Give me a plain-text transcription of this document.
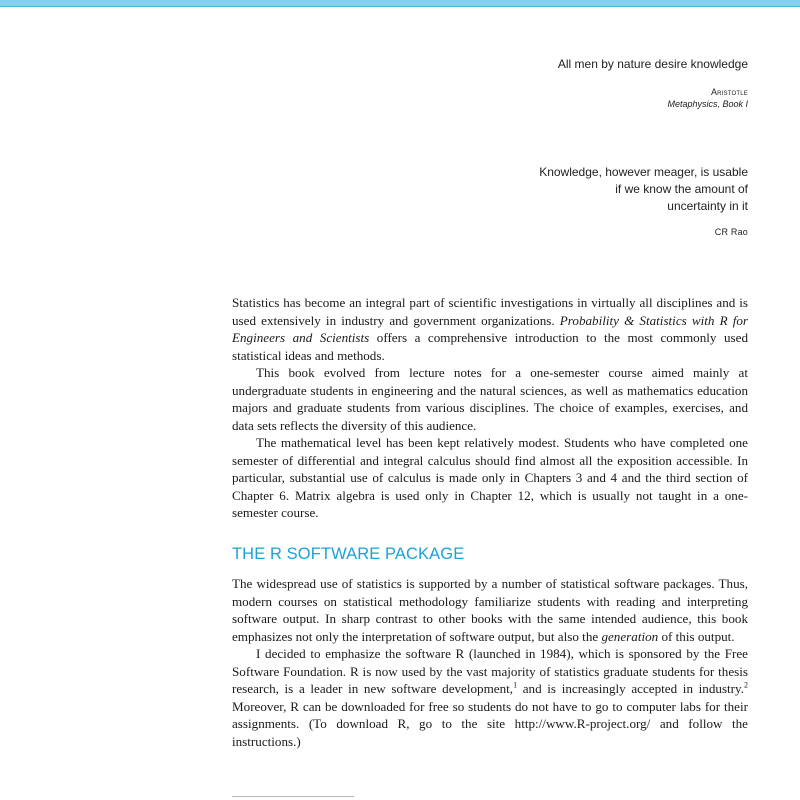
All men by nature desire knowledge
Aristotle
Metaphysics, Book I
Knowledge, however meager, is usable
if we know the amount of
uncertainty in it
CR Rao

Statistics has become an integral part of scientific investigations in virtually all disciplines and is used extensively in industry and government organizations. Probability & Statistics with R for Engineers and Scientists offers a comprehensive introduction to the most commonly used statistical ideas and methods.

This book evolved from lecture notes for a one-semester course aimed mainly at undergraduate students in engineering and the natural sciences, as well as mathematics education majors and graduate students from various disciplines. The choice of examples, exercises, and data sets reflects the diversity of this audience.

The mathematical level has been kept relatively modest. Students who have completed one semester of differential and integral calculus should find almost all the exposition accessible. In particular, substantial use of calculus is made only in Chapters 3 and 4 and the third section of Chapter 6. Matrix algebra is used only in Chapter 12, which is usually not taught in a one-semester course.

THE R SOFTWARE PACKAGE

The widespread use of statistics is supported by a number of statistical software packages. Thus, modern courses on statistical methodology familiarize students with reading and interpreting software output. In sharp contrast to other books with the same intended audience, this book emphasizes not only the interpretation of software output, but also the generation of this output.

I decided to emphasize the software R (launched in 1984), which is sponsored by the Free Software Foundation. R is now used by the vast majority of statistics graduate students for thesis research, is a leader in new software development,$^1$ and is increasingly accepted in industry.$^2$ Moreover, R can be downloaded for free so students do not have to go to computer labs for their assignments. (To download R, go to the site http://www.R-project.org/ and follow the instructions.)
